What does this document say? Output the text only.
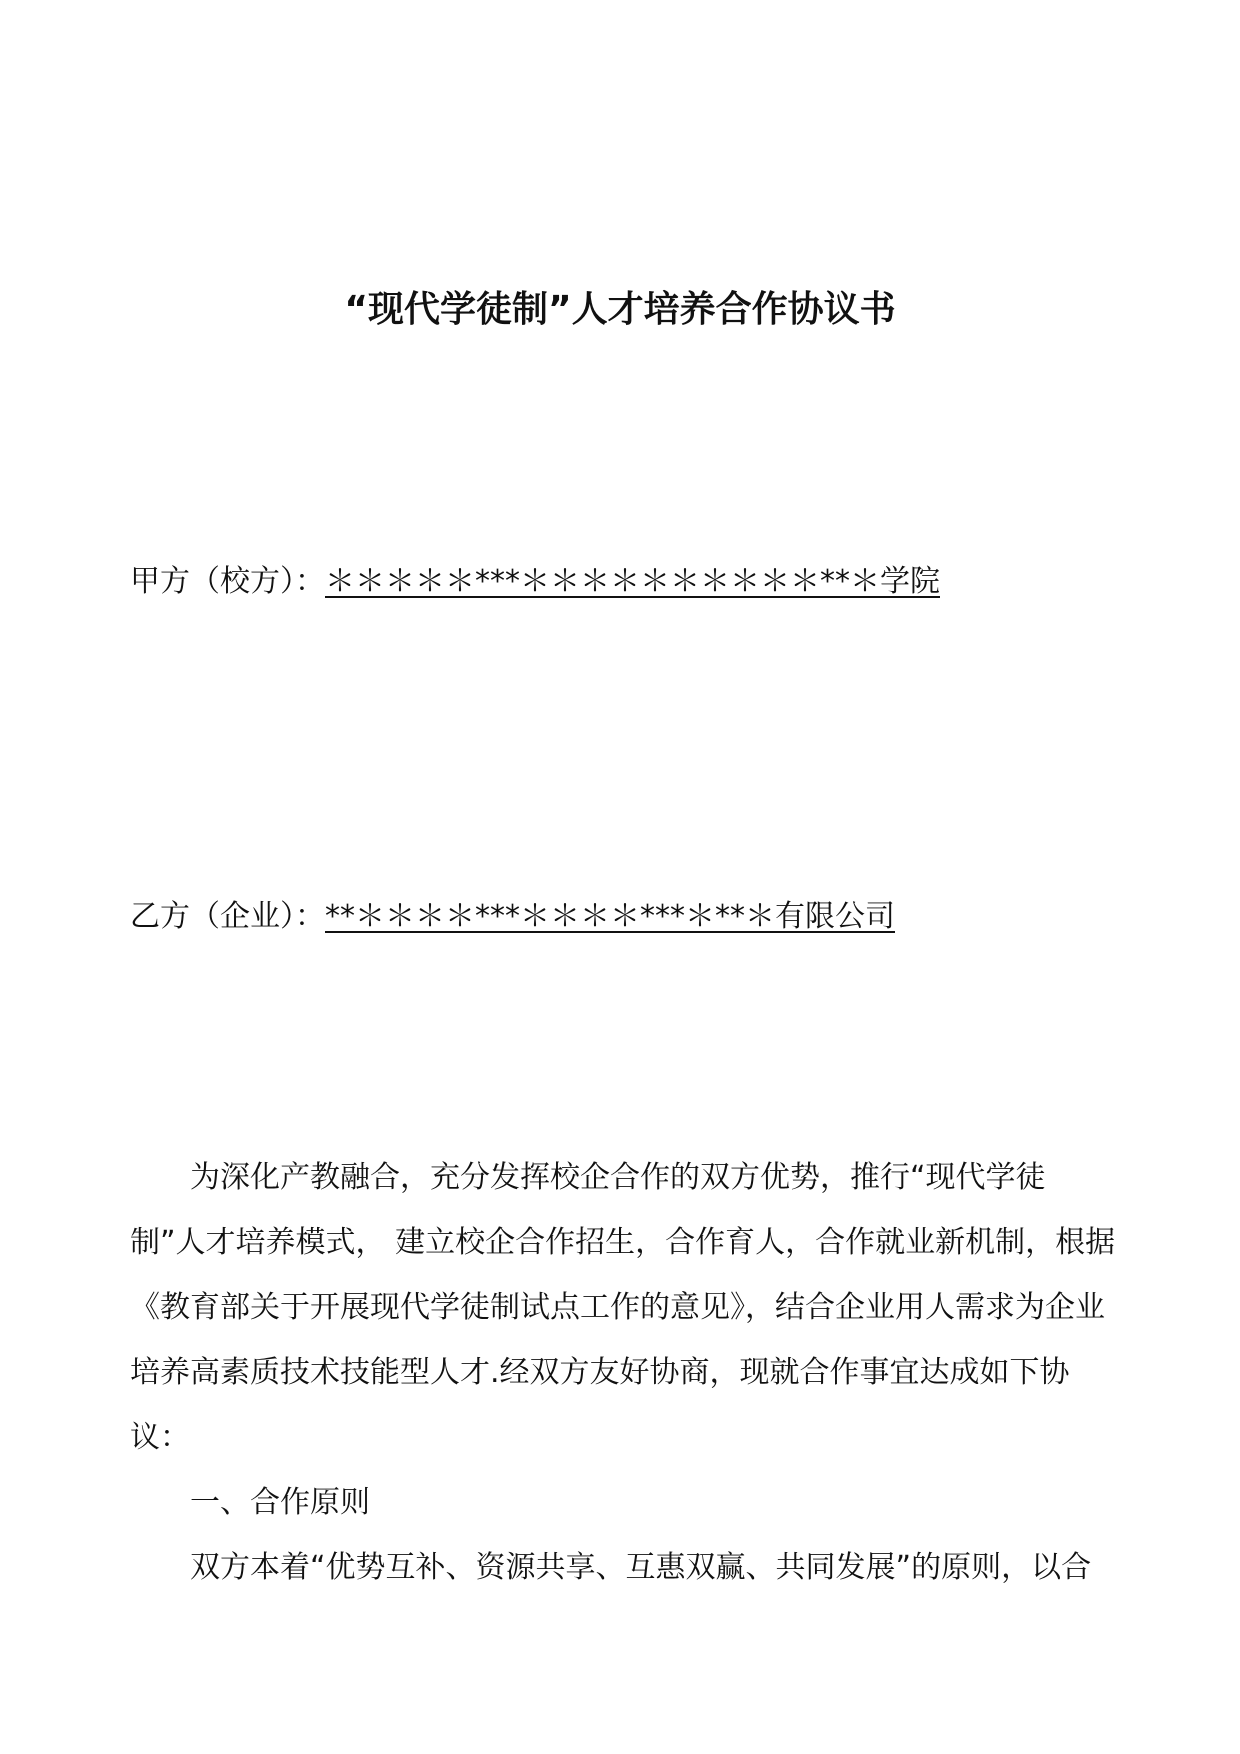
“现代学徒制”人才培养合作协议书
甲方（校方）：＊＊＊＊＊***＊＊＊＊＊＊＊＊＊＊**＊学院
乙方（企业）：**＊＊＊＊***＊＊＊＊***＊**＊有限公司

为深化产教融合，充分发挥校企合作的双方优势，推行“现代学徒制”人才培养模式， 建立校企合作招生，合作育人，合作就业新机制，根据《教育部关于开展现代学徒制试点工作的意见》，结合企业用人需求为企业培养高素质技术技能型人才.经双方友好协商，现就合作事宜达成如下协议：

一、合作原则

双方本着“优势互补、资源共享、互惠双赢、共同发展”的原则，以合
